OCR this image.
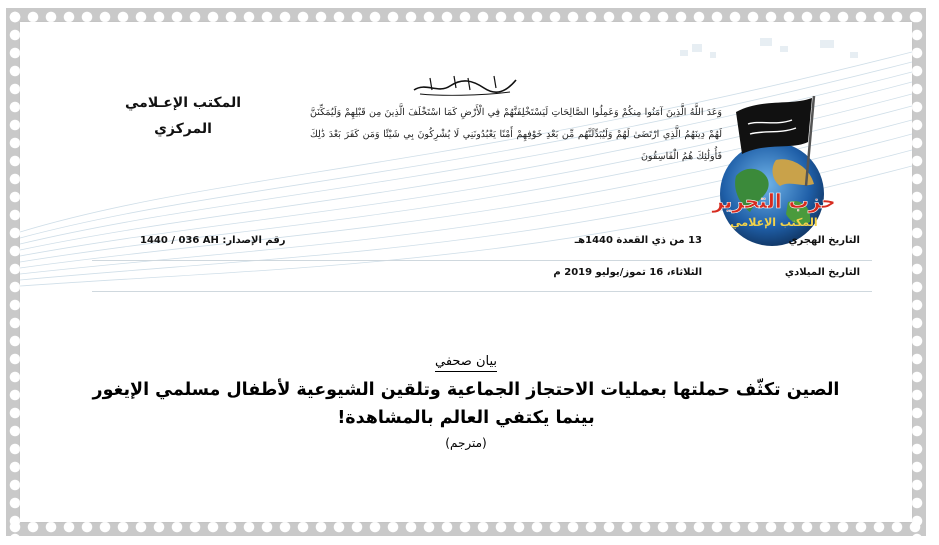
المكتب الإعـلامي
المركزي
وَعَدَ اللَّهُ الَّذِينَ آمَنُوا مِنكُمْ وَعَمِلُوا الصَّالِحَاتِ لَيَسْتَخْلِفَنَّهُمْ فِي الْأَرْضِ كَمَا اسْتَخْلَفَ الَّذِينَ مِن قَبْلِهِمْ وَلَيُمَكِّنَنَّ لَهُمْ دِينَهُمُ الَّذِي ارْتَضَىٰ لَهُمْ وَلَيُبَدِّلَنَّهُم مِّن بَعْدِ خَوْفِهِمْ أَمْنًا يَعْبُدُونَنِي لَا يُشْرِكُونَ بِي شَيْئًا وَمَن كَفَرَ بَعْدَ ذَٰلِكَ فَأُولَٰئِكَ هُمُ الْفَاسِقُونَ
حزب التحرير
المكتب الإعلامي
التاريخ الهجري
13 من ذي القعدة 1440هـ
رقم الإصدار: 1440 / 036 AH
التاريخ الميلادي
الثلاثاء، 16 تموز/يوليو 2019 م
بيان صحفي
الصين تكثّف حملتها بعمليات الاحتجاز الجماعية وتلقين الشيوعية لأطفال مسلمي الإيغور
بينما يكتفي العالم بالمشاهدة!
(مترجم)
